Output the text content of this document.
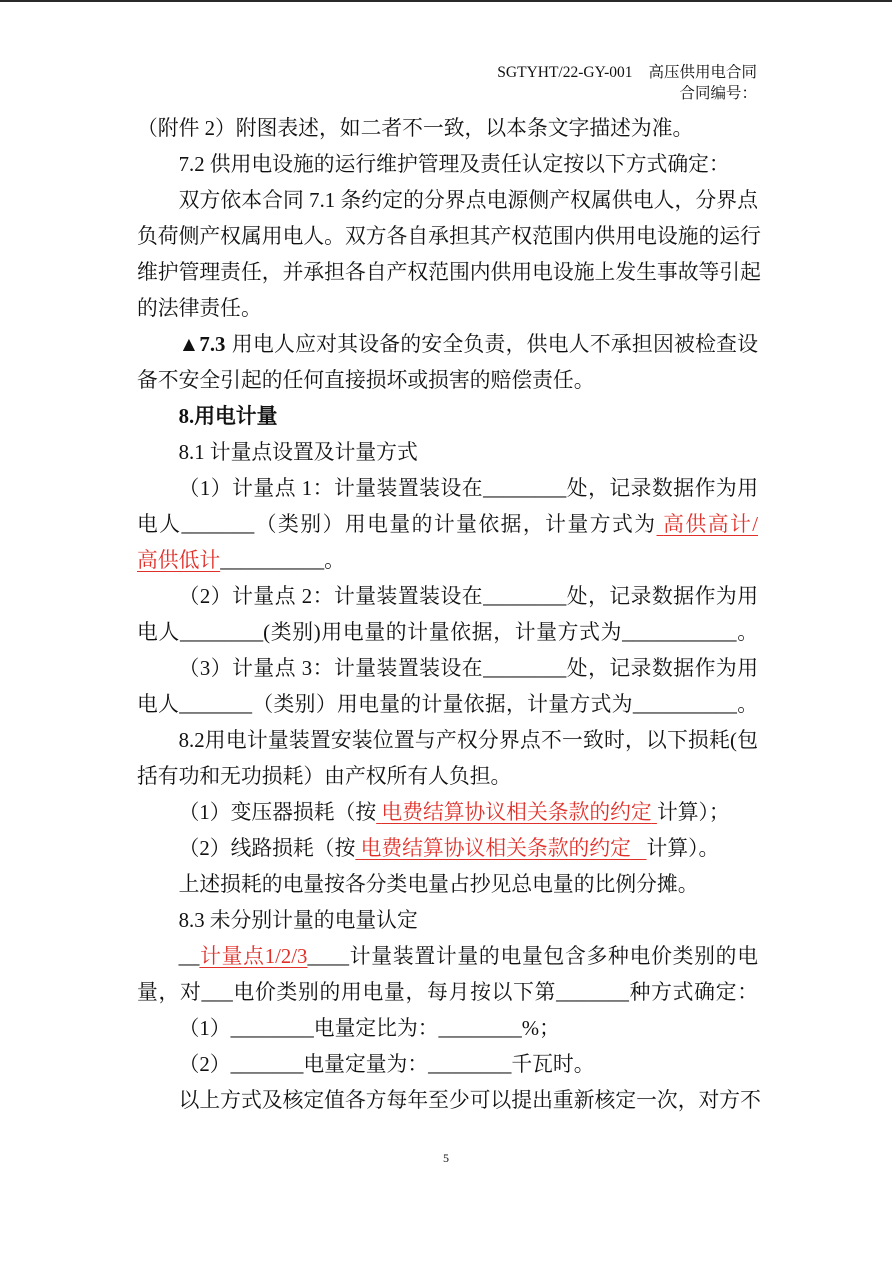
SGTYHT/22-GY-001 高压供用电合同
合同编号：
（附件 2）附图表述，如二者不一致，以本条文字描述为准。
7.2 供用电设施的运行维护管理及责任认定按以下方式确定：
双方依本合同 7.1 条约定的分界点电源侧产权属供电人，分界点
负荷侧产权属用电人。双方各自承担其产权范围内供用电设施的运行
维护管理责任，并承担各自产权范围内供用电设施上发生事故等引起
的法律责任。
▲7.3 用电人应对其设备的安全负责，供电人不承担因被检查设
备不安全引起的任何直接损坏或损害的赔偿责任。
8.用电计量
8.1 计量点设置及计量方式
（1）计量点 1：计量装置装设在________处，记录数据作为用
电人_______（类别）用电量的计量依据，计量方式为 高供高计/
高供低计__________。
（2）计量点 2：计量装置装设在________处，记录数据作为用
电人________(类别)用电量的计量依据，计量方式为___________。
（3）计量点 3：计量装置装设在________处，记录数据作为用
电人_______（类别）用电量的计量依据，计量方式为__________。
8.2用电计量装置安装位置与产权分界点不一致时，以下损耗(包
括有功和无功损耗）由产权所有人负担。
（1）变压器损耗（按 电费结算协议相关条款的约定 计算）；
（2）线路损耗（按 电费结算协议相关条款的约定 计算）。
上述损耗的电量按各分类电量占抄见总电量的比例分摊。
8.3 未分别计量的电量认定
__计量点1/2/3____计量装置计量的电量包含多种电价类别的电
量，对___电价类别的用电量，每月按以下第_______种方式确定：
（1）________电量定比为：________%；
（2）_______电量定量为：________千瓦时。
以上方式及核定值各方每年至少可以提出重新核定一次，对方不
5
